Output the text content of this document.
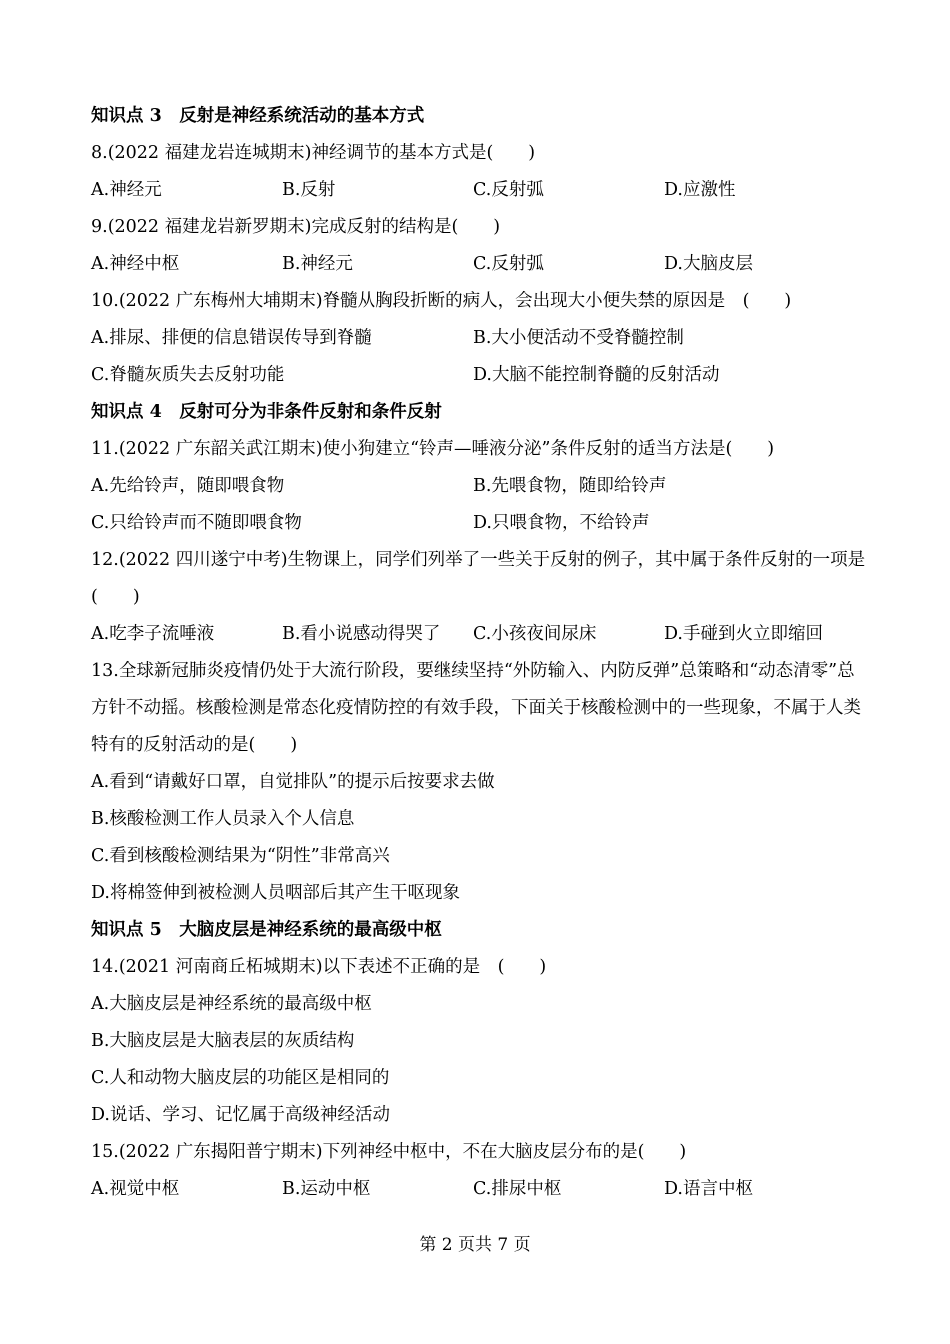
知识点 3　反射是神经系统活动的基本方式
8.(2022 福建龙岩连城期末)神经调节的基本方式是(　　)
A.神经元	B.反射	C.反射弧	D.应激性
9.(2022 福建龙岩新罗期末)完成反射的结构是(　　)
A.神经中枢	B.神经元	C.反射弧	D.大脑皮层
10.(2022 广东梅州大埔期末)脊髓从胸段折断的病人，会出现大小便失禁的原因是　(　　)
A.排尿、排便的信息错误传导到脊髓	B.大小便活动不受脊髓控制
C.脊髓灰质失去反射功能	D.大脑不能控制脊髓的反射活动
知识点 4　反射可分为非条件反射和条件反射
11.(2022 广东韶关武江期末)使小狗建立“铃声—唾液分泌”条件反射的适当方法是(　　)
A.先给铃声，随即喂食物	B.先喂食物，随即给铃声
C.只给铃声而不随即喂食物	D.只喂食物，不给铃声
12.(2022 四川遂宁中考)生物课上，同学们列举了一些关于反射的例子，其中属于条件反射的一项是(　　)
A.吃李子流唾液	B.看小说感动得哭了	C.小孩夜间尿床	D.手碰到火立即缩回
13.全球新冠肺炎疫情仍处于大流行阶段，要继续坚持“外防输入、内防反弹”总策略和“动态清零”总方针不动摇。核酸检测是常态化疫情防控的有效手段，下面关于核酸检测中的一些现象，不属于人类特有的反射活动的是(　　)
A.看到“请戴好口罩，自觉排队”的提示后按要求去做
B.核酸检测工作人员录入个人信息
C.看到核酸检测结果为“阴性”非常高兴
D.将棉签伸到被检测人员咽部后其产生干呕现象
知识点 5　大脑皮层是神经系统的最高级中枢
14.(2021 河南商丘柘城期末)以下表述不正确的是　(　　)
A.大脑皮层是神经系统的最高级中枢
B.大脑皮层是大脑表层的灰质结构
C.人和动物大脑皮层的功能区是相同的
D.说话、学习、记忆属于高级神经活动
15.(2022 广东揭阳普宁期末)下列神经中枢中，不在大脑皮层分布的是(　　)
A.视觉中枢	B.运动中枢	C.排尿中枢	D.语言中枢
第 2 页共 7 页
